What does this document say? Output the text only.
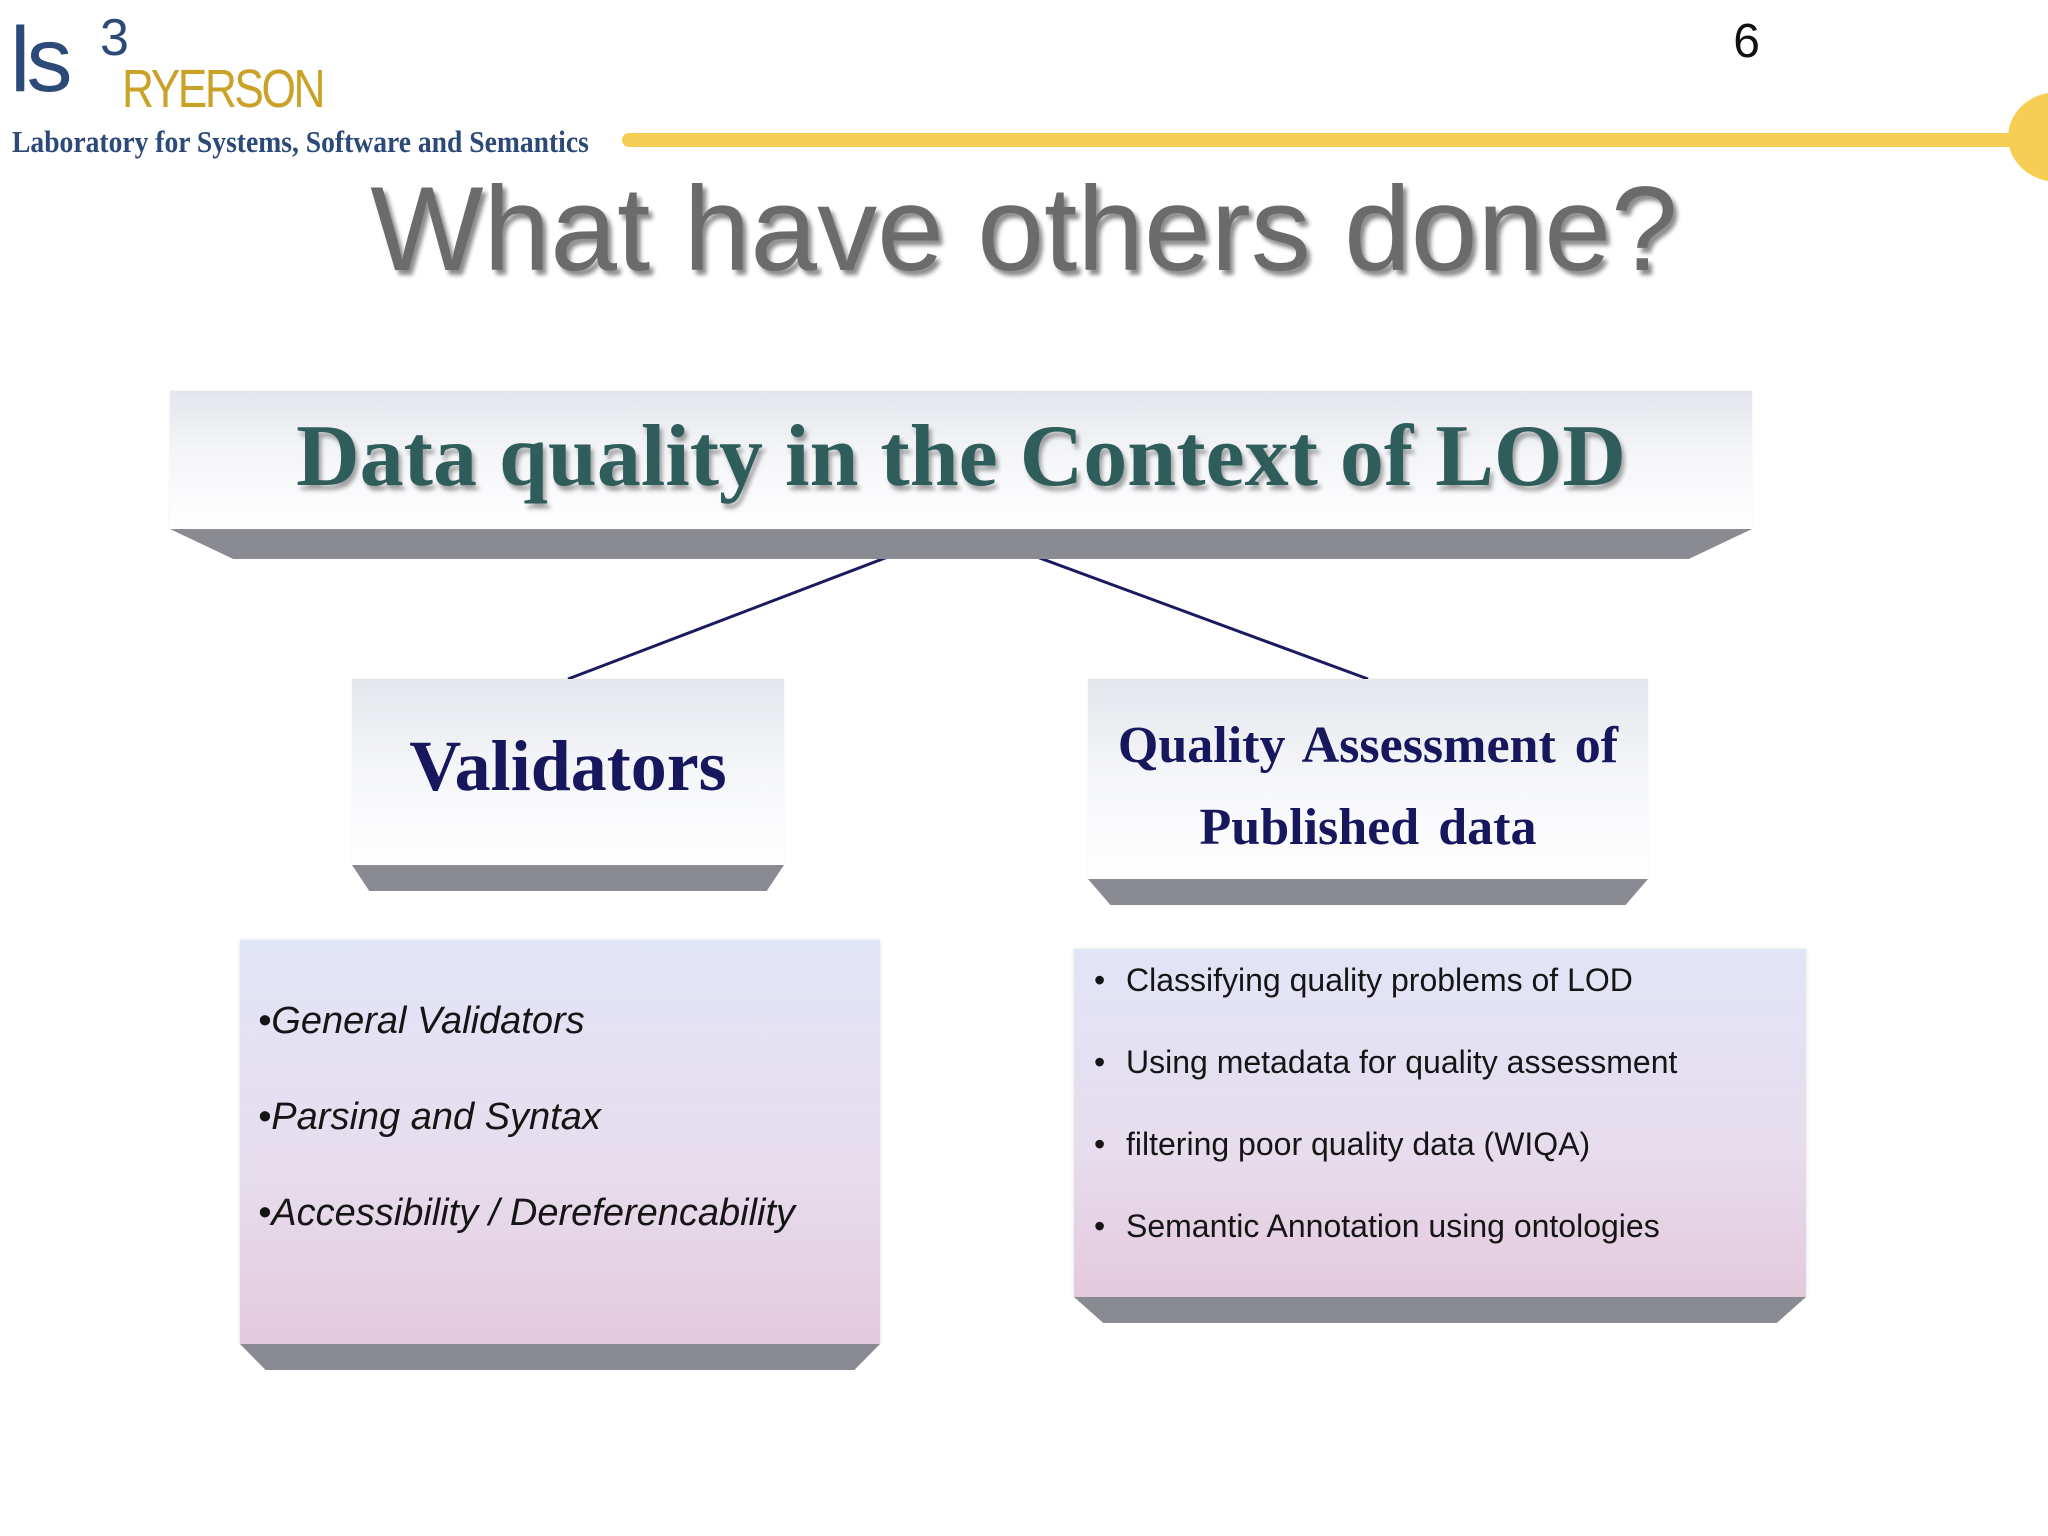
ls 3
RYERSON
Laboratory for Systems, Software and Semantics
6
What have others done?
Data quality in the Context of LOD
Validators	Quality Assessment of
Published data
•General Validators
•Parsing and Syntax
•Accessibility / Dereferencability
• Classifying quality problems of LOD
• Using metadata for quality assessment
• filtering poor quality data (WIQA)
• Semantic Annotation using ontologies
